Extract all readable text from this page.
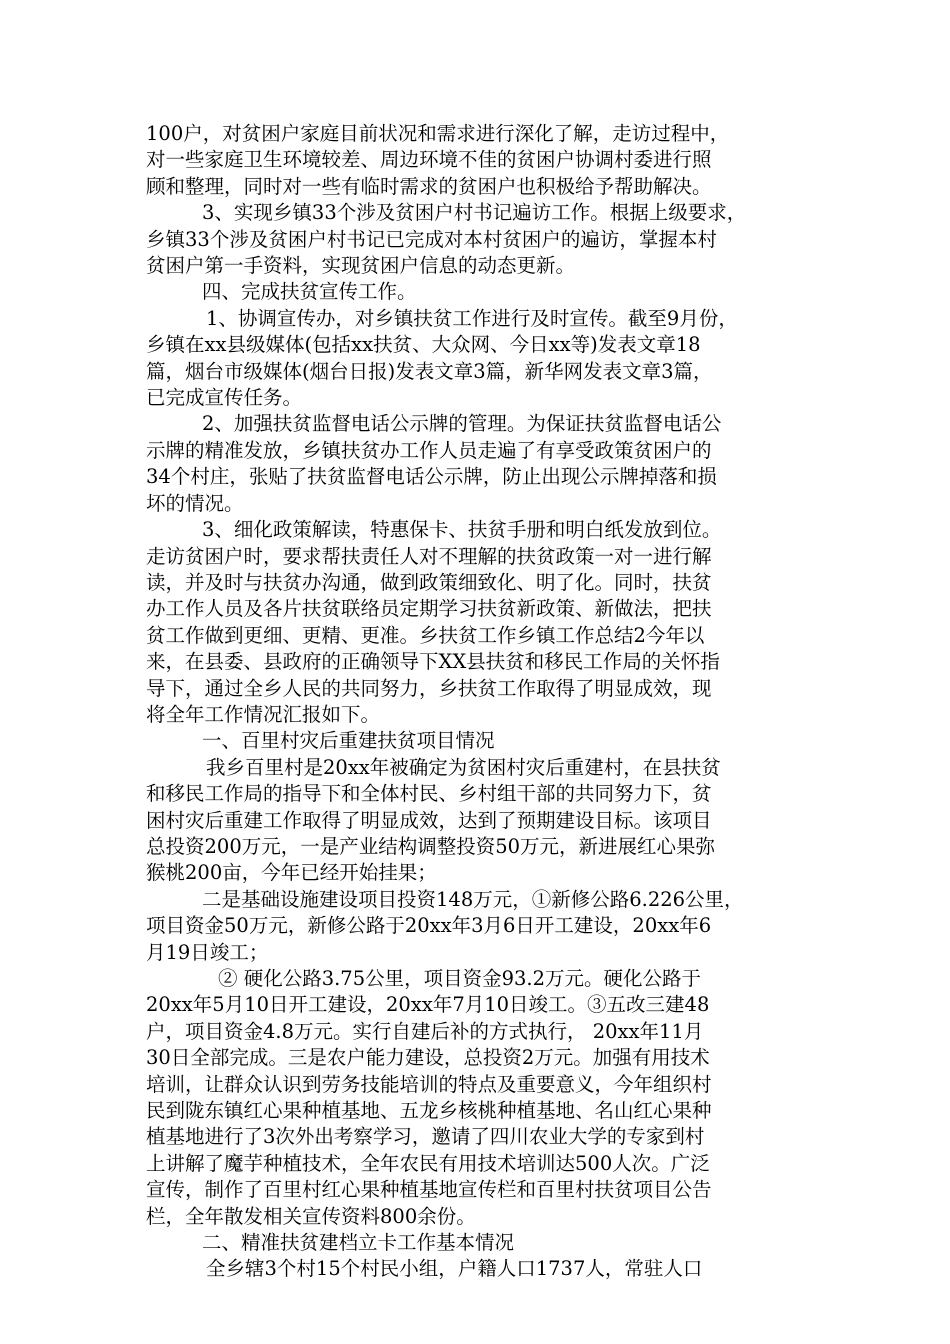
100户，对贫困户家庭目前状况和需求进行深化了解，走访过程中，
对一些家庭卫生环境较差、周边环境不佳的贫困户协调村委进行照
顾和整理，同时对一些有临时需求的贫困户也积极给予帮助解决。
3、实现乡镇33个涉及贫困户村书记遍访工作。根据上级要求，
乡镇33个涉及贫困户村书记已完成对本村贫困户的遍访，掌握本村
贫困户第一手资料，实现贫困户信息的动态更新。
四、完成扶贫宣传工作。
1、协调宣传办，对乡镇扶贫工作进行及时宣传。截至9月份，
乡镇在xx县级媒体(包括xx扶贫、大众网、今日xx等)发表文章18
篇，烟台市级媒体(烟台日报)发表文章3篇，新华网发表文章3篇，
已完成宣传任务。
2、加强扶贫监督电话公示牌的管理。为保证扶贫监督电话公
示牌的精准发放，乡镇扶贫办工作人员走遍了有享受政策贫困户的
34个村庄，张贴了扶贫监督电话公示牌，防止出现公示牌掉落和损
坏的情况。
3、细化政策解读，特惠保卡、扶贫手册和明白纸发放到位。
走访贫困户时，要求帮扶责任人对不理解的扶贫政策一对一进行解
读，并及时与扶贫办沟通，做到政策细致化、明了化。同时，扶贫
办工作人员及各片扶贫联络员定期学习扶贫新政策、新做法，把扶
贫工作做到更细、更精、更准。乡扶贫工作乡镇工作总结2今年以
来，在县委、县政府的正确领导下XX县扶贫和移民工作局的关怀指
导下，通过全乡人民的共同努力，乡扶贫工作取得了明显成效，现
将全年工作情况汇报如下。
一、百里村灾后重建扶贫项目情况
我乡百里村是20xx年被确定为贫困村灾后重建村，在县扶贫
和移民工作局的指导下和全体村民、乡村组干部的共同努力下，贫
困村灾后重建工作取得了明显成效，达到了预期建设目标。该项目
总投资200万元，一是产业结构调整投资50万元，新进展红心果弥
猴桃200亩，今年已经开始挂果；
二是基础设施建设项目投资148万元，①新修公路6.226公里，
项目资金50万元，新修公路于20xx年3月6日开工建设，20xx年6
月19日竣工；
② 硬化公路3.75公里，项目资金93.2万元。硬化公路于
20xx年5月10日开工建设，20xx年7月10日竣工。③五改三建48
户，项目资金4.8万元。实行自建后补的方式执行， 20xx年11月
30日全部完成。三是农户能力建设，总投资2万元。加强有用技术
培训，让群众认识到劳务技能培训的特点及重要意义，今年组织村
民到陇东镇红心果种植基地、五龙乡核桃种植基地、名山红心果种
植基地进行了3次外出考察学习，邀请了四川农业大学的专家到村
上讲解了魔芋种植技术，全年农民有用技术培训达500人次。广泛
宣传，制作了百里村红心果种植基地宣传栏和百里村扶贫项目公告
栏，全年散发相关宣传资料800余份。
二、精准扶贫建档立卡工作基本情况
全乡辖3个村15个村民小组，户籍人口1737人，常驻人口
